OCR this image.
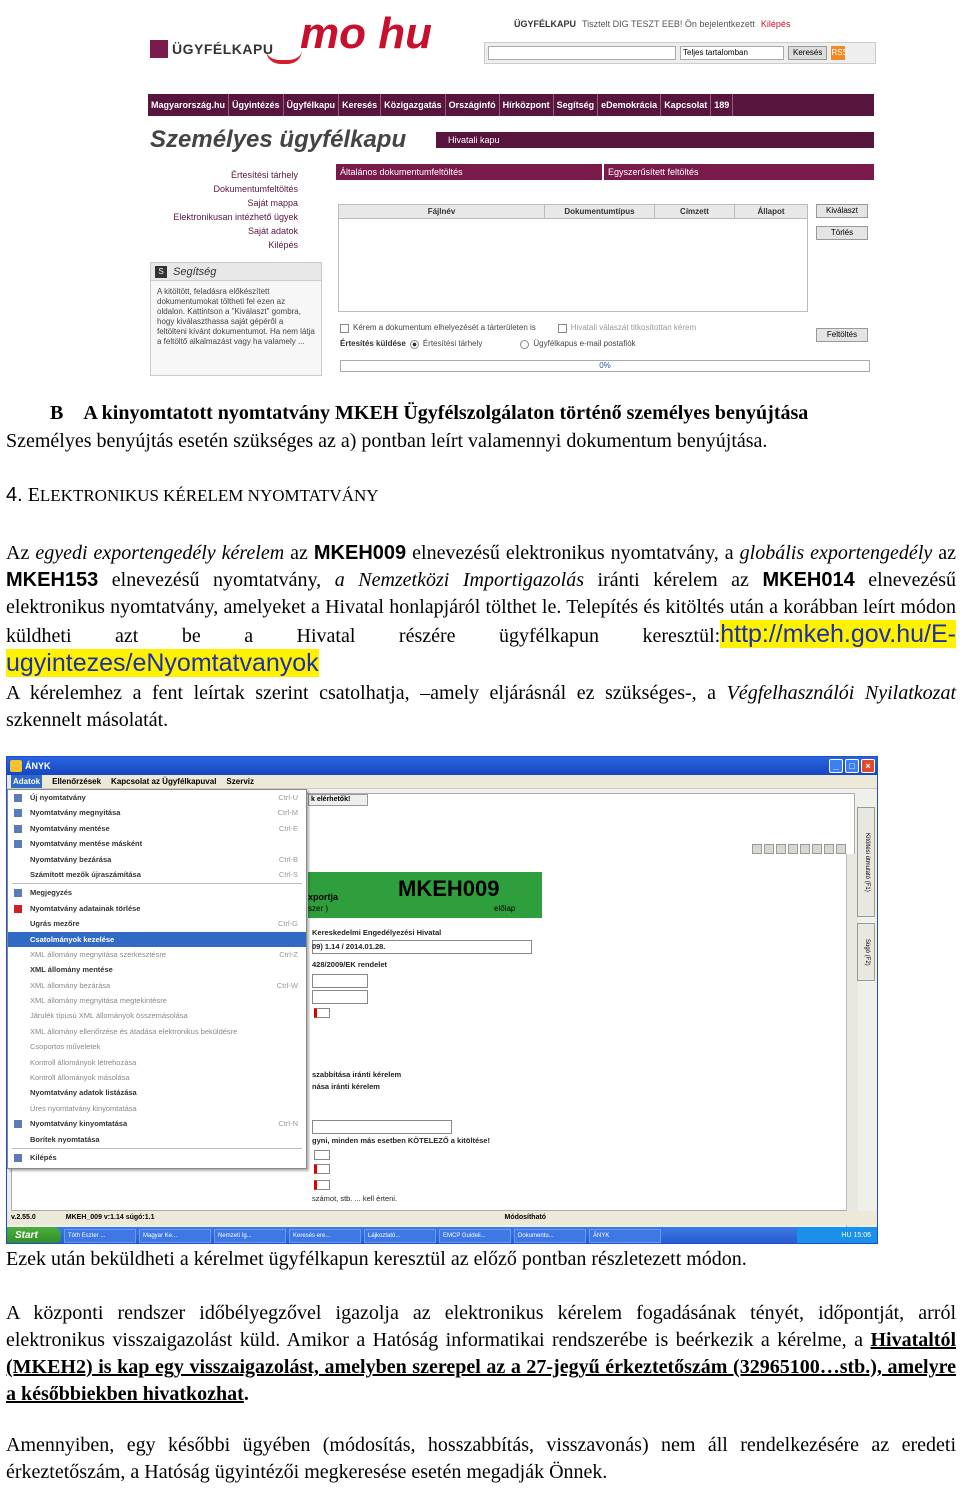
ÜGYFÉLKAPU mo hu	ÜGYFÉLKAPU Tisztelt DIG TESZT EEB! Ön bejelentkezett Kilépés
Teljes tartalomban	Keresés	RSS
Magyarország.hu Ügyintézés Ügyfélkapu Keresés Közigazgatás Országinfó Hírközpont Segítség eDemokrácia Kapcsolat 189
Személyes ügyfélkapu	Hivatali kapu
Értesítési tárhely
Dokumentumfeltöltés
Saját mappa
Elektronikusan intézhető ügyek
Saját adatok
Kilépés
S Segítség
A kitöltött, feladásra előkészített dokumentumokat töltheti fel ezen az oldalon. Kattintson a "Kiválaszt" gombra, hogy kiválaszthassa saját gépéről a feltölteni kívánt dokumentumot. Ha nem látja a feltöltő alkalmazást vagy ha valamely ...
Általános dokumentumfeltöltés	Egyszerűsített feltöltés
Fájlnév	Dokumentumtípus	Címzett	Állapot	Kiválaszt
Törlés
Feltöltés
Kérem a dokumentum elhelyezését a tárterületen is	Hivatali válaszát titkosítottan kérem
Értesítés küldése Értesítési tárhely	Ügyfélkapus e-mail postafiók
0%
B A kinyomtatott nyomtatvány MKEH Ügyfélszolgálaton történő személyes benyújtása
Személyes benyújtás esetén szükséges az a) pontban leírt valamennyi dokumentum benyújtása.
4. ELEKTRONIKUS KÉRELEM NYOMTATVÁNY
Az egyedi exportengedély kérelem az MKEH009 elnevezésű elektronikus nyomtatvány, a globális exportengedély az MKEH153 elnevezésű nyomtatvány, a Nemzetközi Importigazolás iránti kérelem az MKEH014 elnevezésű elektronikus nyomtatvány, amelyeket a Hivatal honlapjáról tölthet le. Telepítés és kitöltés után a korábban leírt módon küldheti azt be a Hivatal részére ügyfélkapun keresztül:http://mkeh.gov.hu/E-ugyintezes/eNyomtatvanyok
A kérelemhez a fent leírtak szerint csatolhatja, –amely eljárásnál ez szükséges-, a Végfelhasználói Nyilatkozat szkennelt másolatát.
ÁNYK	_	□	×
Adatok Ellenőrzések Kapcsolat az Ügyfélkapuval Szerviz
k elérhetők!
xportja
szer )
MKEH009
előlap
Kereskedelmi Engedélyezési Hivatal
09) 1.14 / 2014.01.28.
428/2009/EK rendelet
szabbítása iránti kérelem
nása iránti kérelem
gyni, minden más esetben KÖTELEZŐ a kitöltése!
számot, stb. ... kell érteni.
Kitöltési útmutató (F1)
Súgó (F2)
Új nyomtatvány	Ctrl-U
Nyomtatvány megnyitása	Ctrl-M
Nyomtatvány mentése	Ctrl-E
Nyomtatvány mentése másként
Nyomtatvány bezárása	Ctrl-B
Számított mezők újraszámítása	Ctrl-S
Megjegyzés
Nyomtatvány adatainak törlése
Ugrás mezőre	Ctrl-G
Csatolmányok kezelése
XML állomány megnyitása szerkesztésre	Ctrl-Z
XML állomány mentése
XML állomány bezárása	Ctrl-W
XML állomány megnyitása megtekintésre
Járulék típusú XML állományok összemásolása
XML állomány ellenőrzése és átadása elektronikus beküldésre
Csoportos műveletek
Kontroll állományok létrehozása
Kontroll állományok másolása
Nyomtatvány adatok listázása
Üres nyomtatvány kinyomtatása
Nyomtatvány kinyomtatása	Ctrl-N
Borítek nyomtatása
Kilépés
v.2.55.0	MKEH_009 v:1.14 súgó:1.1	Módosítható
Start	Tóth Eszter ...	Magyar Ke...	Nemzeti Ig...	Keresés ere...	Lájkoztató...	EMCP Guideli...	Dokumentu...	ÁNYK	HU 15:06
Ezek után beküldheti a kérelmet ügyfélkapun keresztül az előző pontban részletezett módon.
A központi rendszer időbélyegzővel igazolja az elektronikus kérelem fogadásának tényét, időpontját, arról elektronikus visszaigazolást küld. Amikor a Hatóság informatikai rendszerébe is beérkezik a kérelme, a Hivataltól (MKEH2) is kap egy visszaigazolást, amelyben szerepel az a 27-jegyű érkeztetőszám (32965100…stb.), amelyre a későbbiekben hivatkozhat.
Amennyiben, egy későbbi ügyében (módosítás, hosszabbítás, visszavonás) nem áll rendelkezésére az eredeti érkeztetőszám, a Hatóság ügyintézői megkeresése esetén megadják Önnek.
